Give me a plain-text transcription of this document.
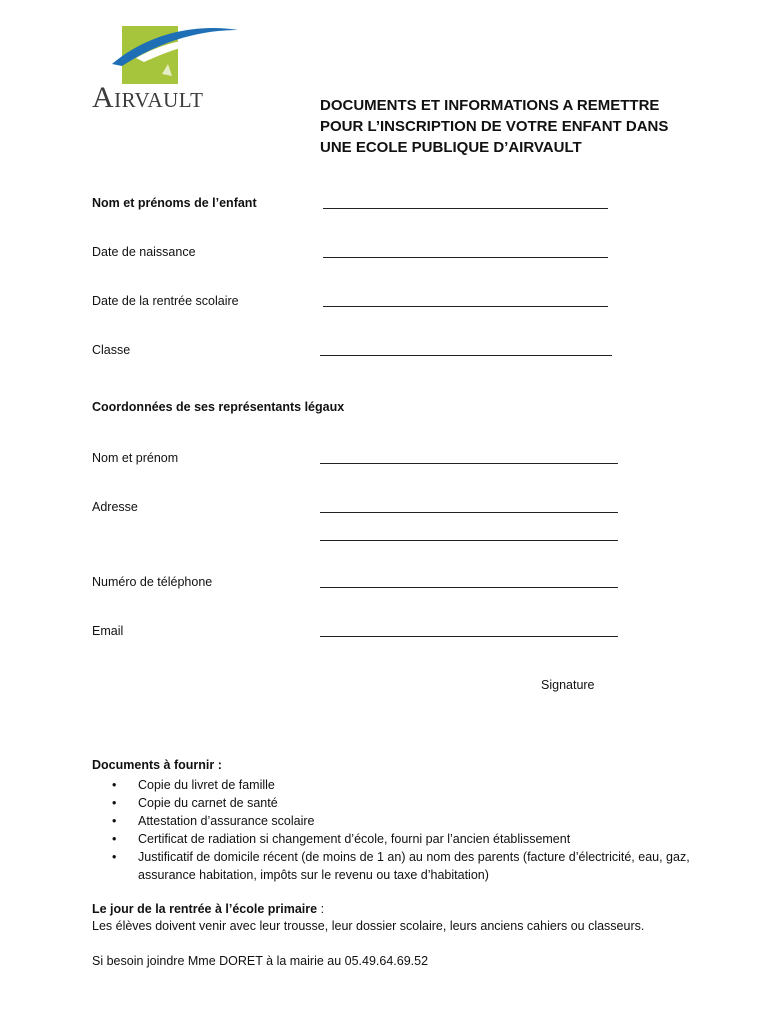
AIRVAULT	DOCUMENTS ET INFORMATIONS A REMETTRE
POUR L’INSCRIPTION DE VOTRE ENFANT DANS
UNE ECOLE PUBLIQUE D’AIRVAULT
Nom et prénoms de l’enfant
Date de naissance
Date de la rentrée scolaire
Classe
Coordonnées de ses représentants légaux
Nom et prénom
Adresse
Numéro de téléphone
Email
Signature
Documents à fournir :
• Copie du livret de famille
• Copie du carnet de santé
• Attestation d’assurance scolaire
• Certificat de radiation si changement d’école, fourni par l’ancien établissement
• Justificatif de domicile récent (de moins de 1 an) au nom des parents (facture d’électricité, eau, gaz, assurance habitation, impôts sur le revenu ou taxe d’habitation)
Le jour de la rentrée à l’école primaire :
Les élèves doivent venir avec leur trousse, leur dossier scolaire, leurs anciens cahiers ou classeurs.
Si besoin joindre Mme DORET à la mairie au 05.49.64.69.52
